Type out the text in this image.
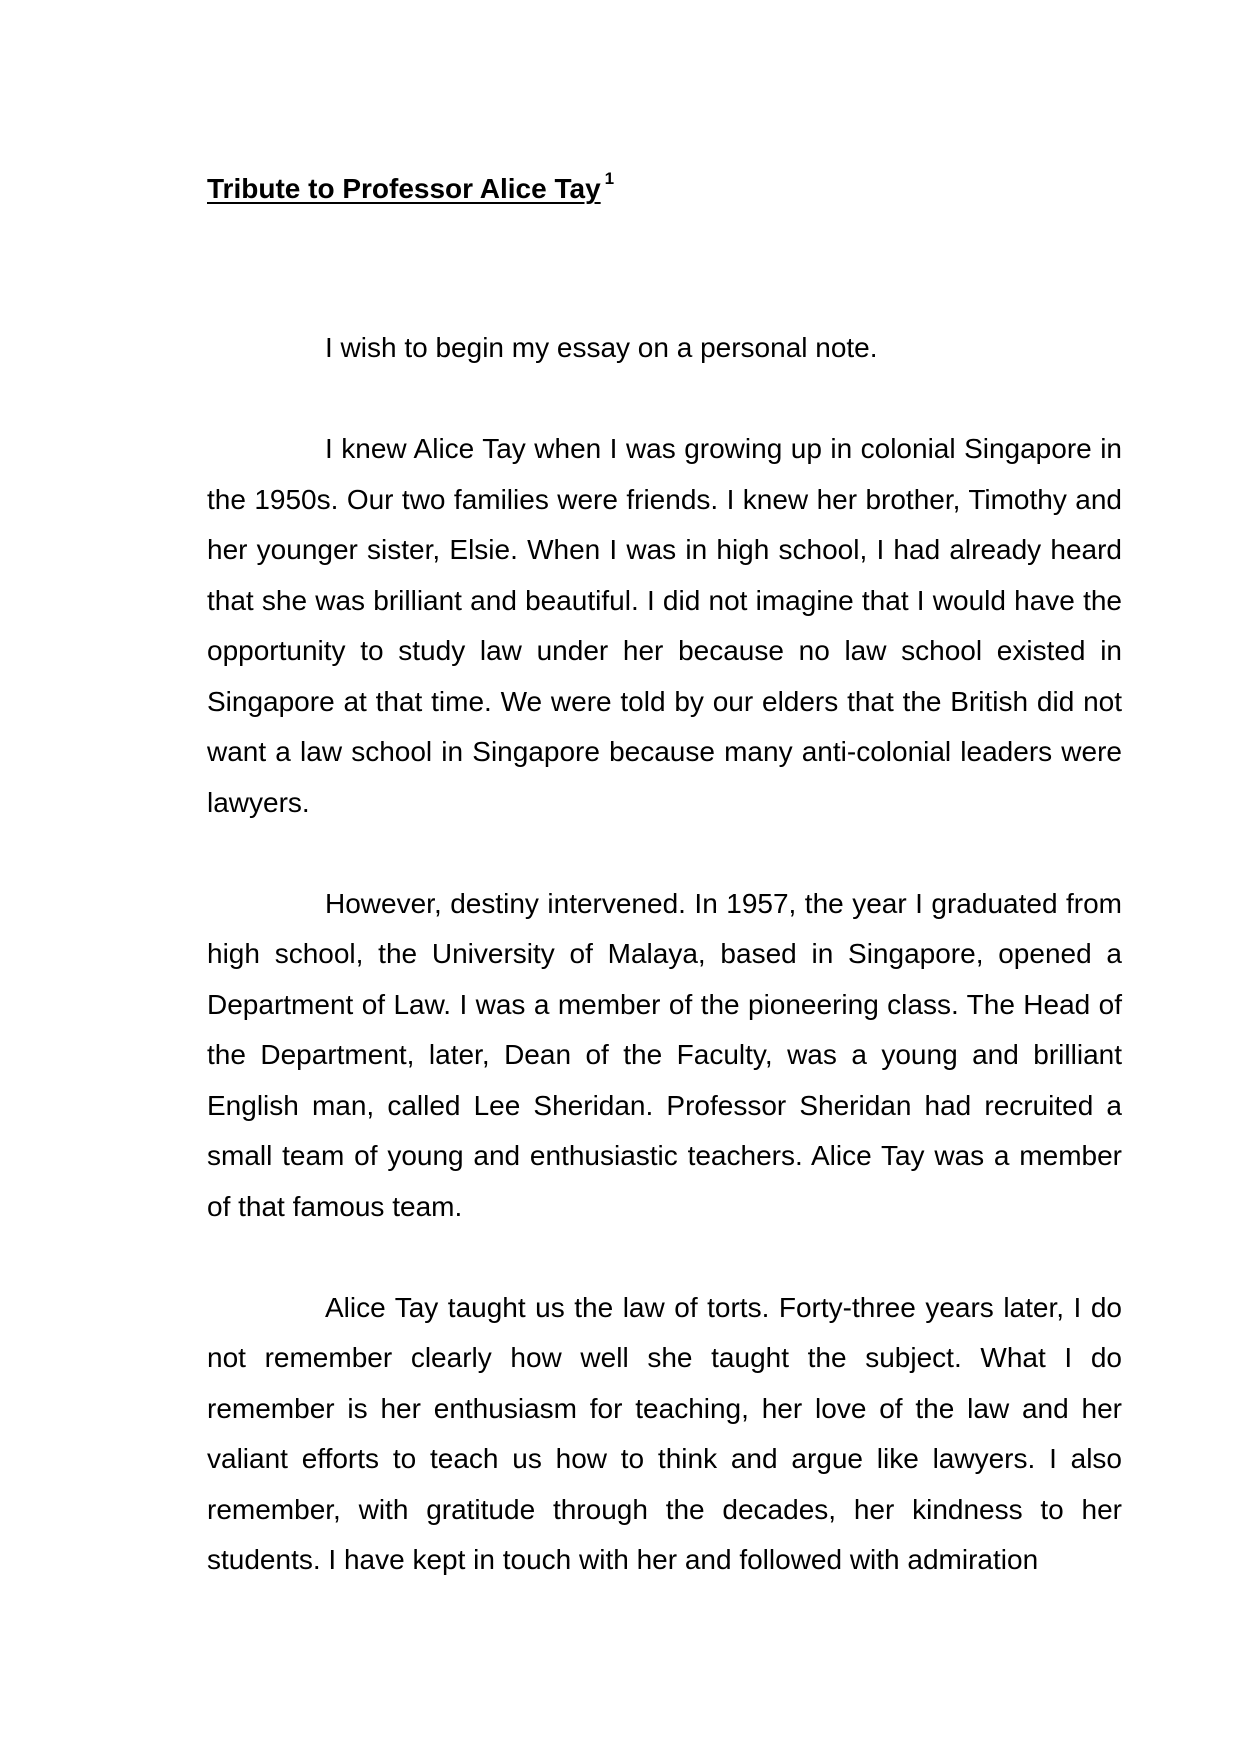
Tribute to Professor Alice Tay $^1$

I wish to begin my essay on a personal note.

I knew Alice Tay when I was growing up in colonial Singapore in the 1950s. Our two families were friends. I knew her brother, Timothy and her younger sister, Elsie. When I was in high school, I had already heard that she was brilliant and beautiful. I did not imagine that I would have the opportunity to study law under her because no law school existed in Singapore at that time. We were told by our elders that the British did not want a law school in Singapore because many anti-colonial leaders were lawyers.

However, destiny intervened. In 1957, the year I graduated from high school, the University of Malaya, based in Singapore, opened a Department of Law. I was a member of the pioneering class. The Head of the Department, later, Dean of the Faculty, was a young and brilliant English man, called Lee Sheridan. Professor Sheridan had recruited a small team of young and enthusiastic teachers. Alice Tay was a member of that famous team.

Alice Tay taught us the law of torts. Forty-three years later, I do not remember clearly how well she taught the subject. What I do remember is her enthusiasm for teaching, her love of the law and her valiant efforts to teach us how to think and argue like lawyers. I also remember, with gratitude through the decades, her kindness to her students. I have kept in touch with her and followed with admiration
